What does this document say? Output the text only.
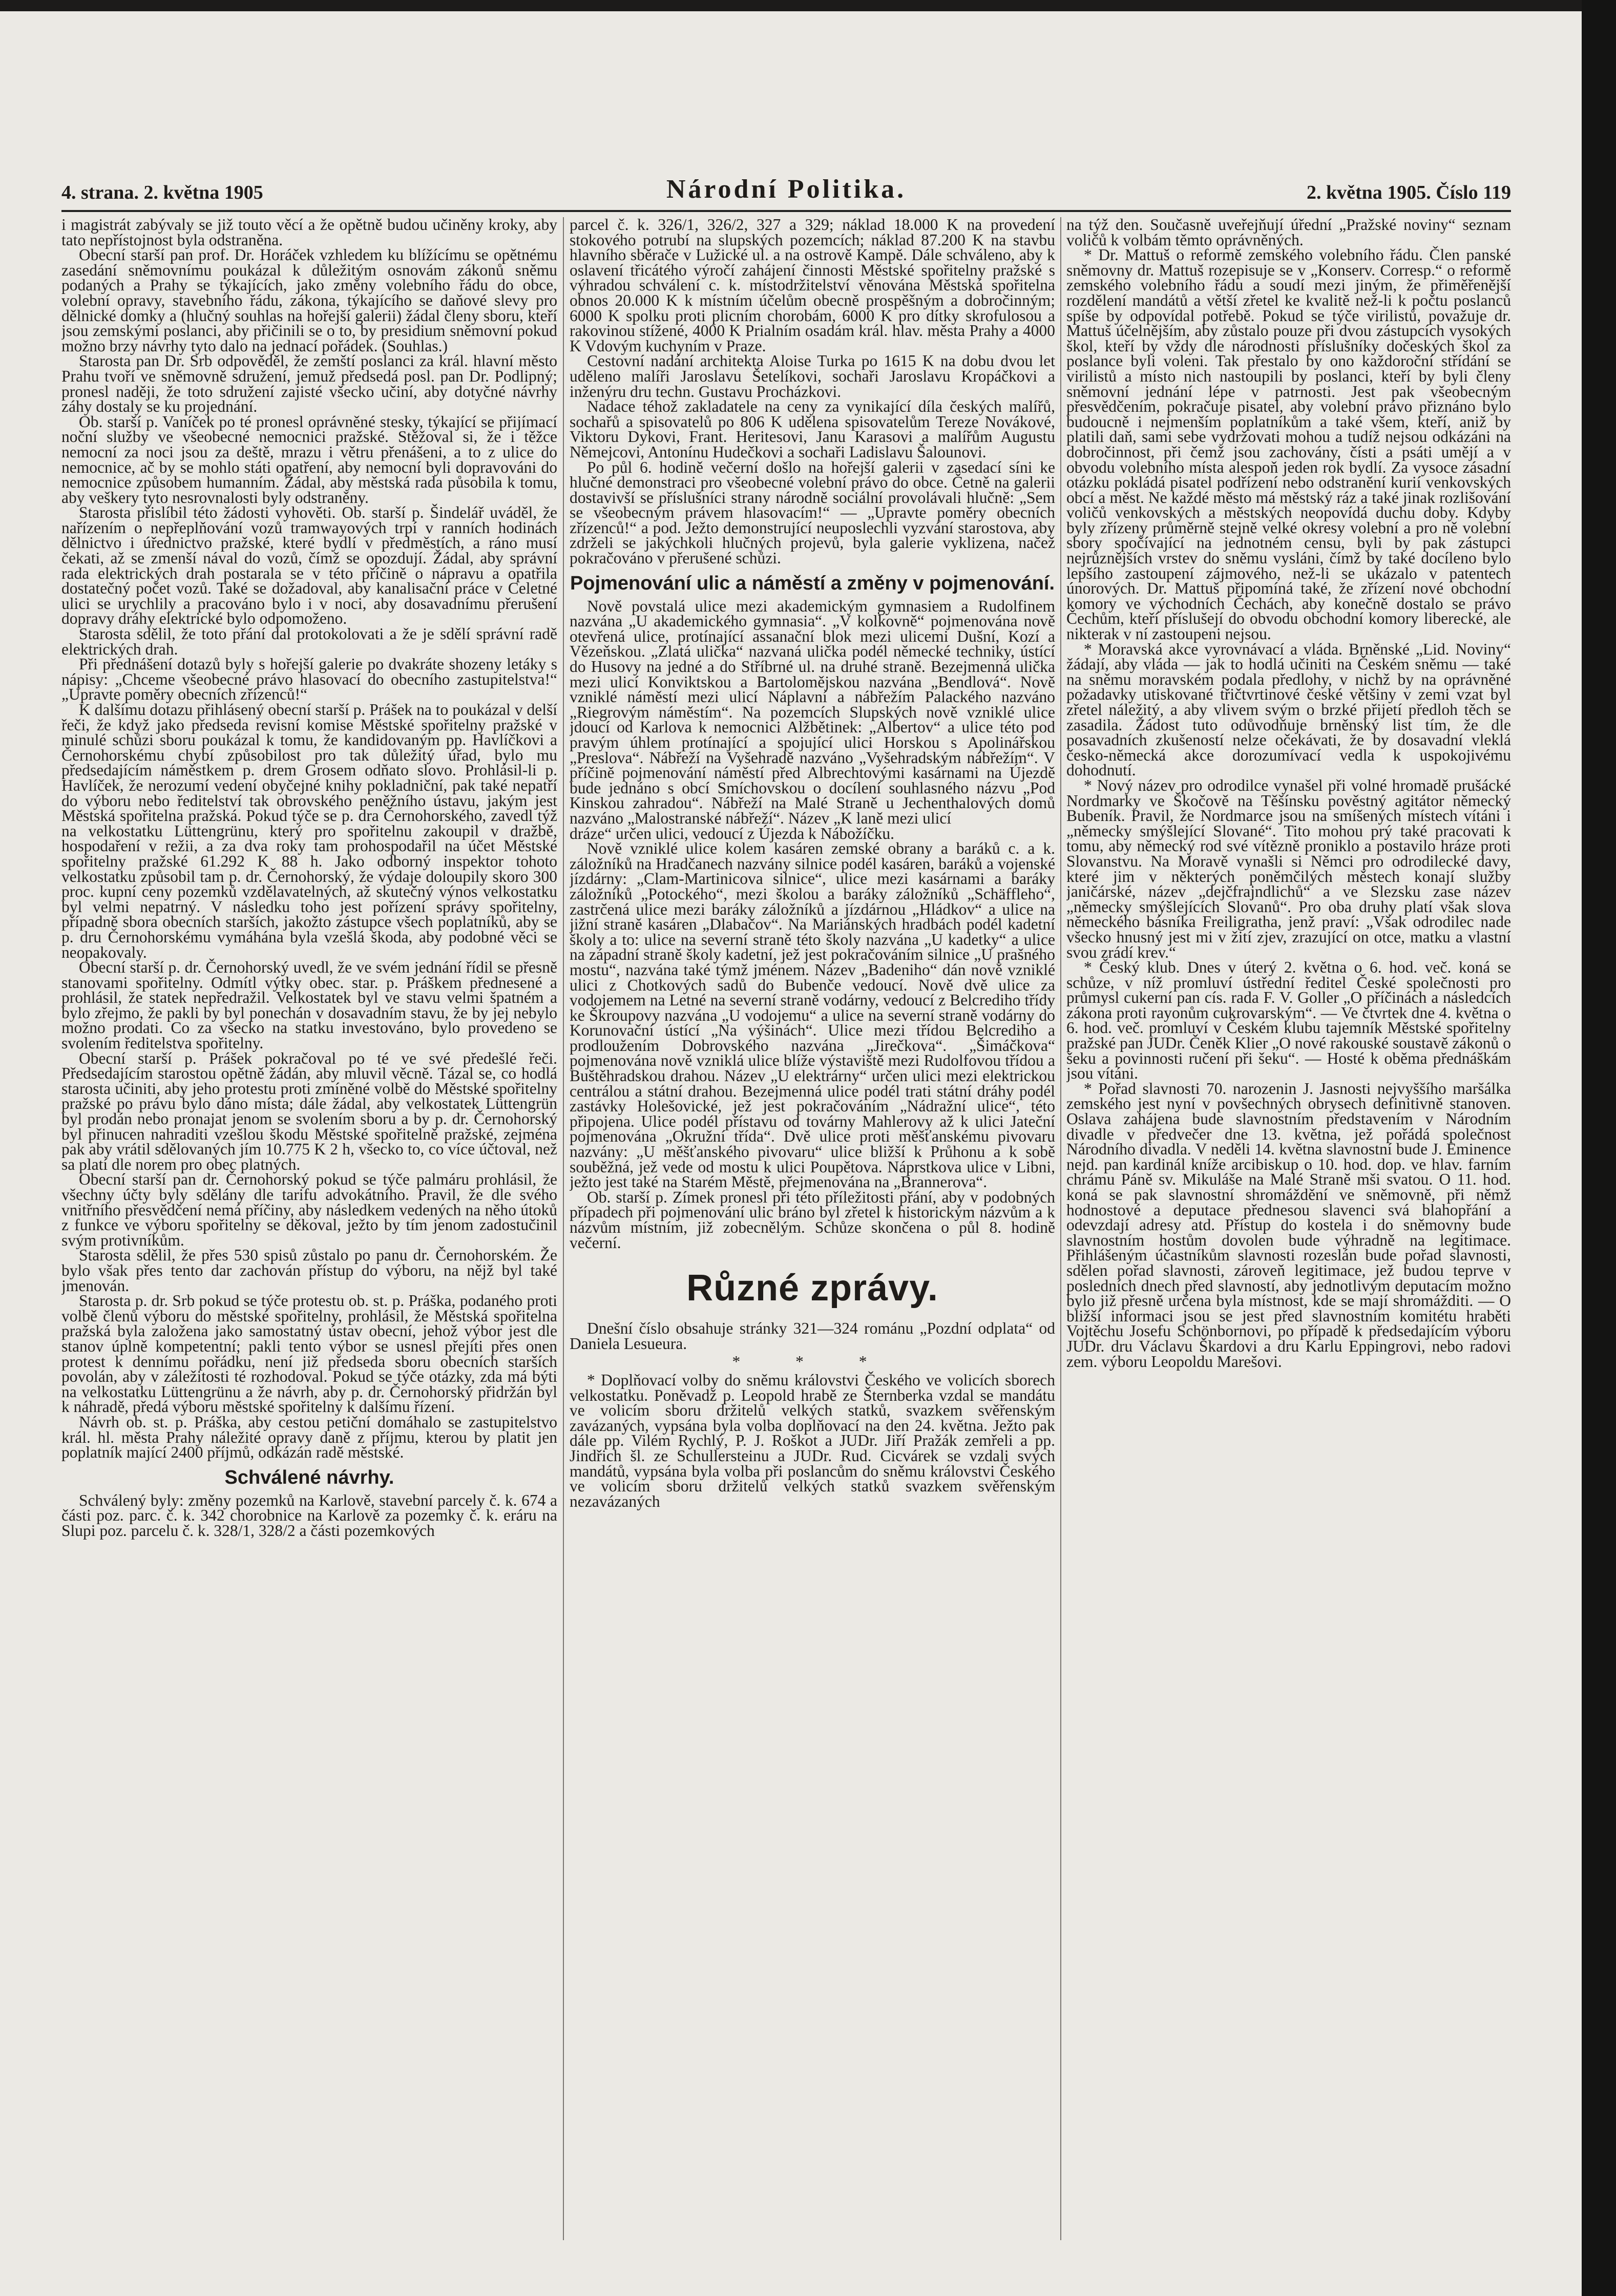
4. strana. 2. května 1905	Národní Politika.	2. května 1905. Číslo 119

i magistrát zabývaly se již touto věcí a že opětně budou učiněny kroky, aby tato nepřístojnost byla odstraněna.

Obecní starší pan prof. Dr. Horáček vzhledem ku blížícímu se opětnému zasedání sněmovnímu poukázal k důležitým osnovám zákonů sněmu podaných a Prahy se týkajících, jako změny volebního řádu do obce, volební opravy, stavebního řádu, zákona, týkajícího se daňové slevy pro dělnické domky a (hlučný souhlas na hořejší galerii) žádal členy sboru, kteří jsou zemskými poslanci, aby přičinili se o to, by presidium sněmovní pokud možno brzy návrhy tyto dalo na jednací pořádek. (Souhlas.)

Starosta pan Dr. Srb odpověděl, že zemští poslanci za král. hlavní město Prahu tvoří ve sněmovně sdružení, jemuž předsedá posl. pan Dr. Podlipný; pronesl naději, že toto sdružení zajisté všecko učiní, aby dotyčné návrhy záhy dostaly se ku projednání.

Ob. starší p. Vaníček po té pronesl oprávněné stesky, týkající se přijímací noční služby ve všeobecné nemocnici pražské. Stěžoval si, že i těžce nemocní za noci jsou za deště, mrazu i větru přenášeni, a to z ulice do nemocnice, ač by se mohlo státi opatření, aby nemocní byli dopravováni do nemocnice způsobem humanním. Žádal, aby městská rada působila k tomu, aby veškery tyto nesrovnalosti byly odstraněny.

Starosta přislíbil této žádosti vyhověti. Ob. starší p. Šindelář uváděl, že nařízením o nepřeplňování vozů tramwayových trpí v ranních hodinách dělnictvo i úřednictvo pražské, které bydlí v předměstích, a ráno musí čekati, až se zmenší nával do vozů, čímž se opozdují. Žádal, aby správní rada elektrických drah postarala se v této příčině o nápravu a opatřila dostatečný počet vozů. Také se dožadoval, aby kanalisační práce v Celetné ulici se urychlily a pracováno bylo i v noci, aby dosavadnímu přerušení dopravy dráhy elektrické bylo odpomoženo.

Starosta sdělil, že toto přání dal protokolovati a že je sdělí správní radě elektrických drah.

Při přednášení dotazů byly s hořejší galerie po dvakráte shozeny letáky s nápisy: „Chceme všeobecné právo hlasovací do obecního zastupitelstva!“ „Upravte poměry obecních zřízenců!“

K dalšímu dotazu přihlásený obecní starší p. Prášek na to poukázal v delší řeči, že když jako předseda revisní komise Městské spořitelny pražské v minulé schůzi sboru poukázal k tomu, že kandidovaným pp. Havlíčkovi a Černohorskému chybí způsobilost pro tak důležitý úřad, bylo mu předsedajícím náměstkem p. drem Grosem odňato slovo. Prohlásil-li p. Havlíček, že nerozumí vedení obyčejné knihy pokladniční, pak také nepatří do výboru nebo ředitelství tak obrovského peněžního ústavu, jakým jest Městská spořitelna pražská. Pokud týče se p. dra Černohorského, zavedl týž na velkostatku Lüttengrünu, který pro spořitelnu zakoupil v dražbě, hospodaření v režii, a za dva roky tam prohospodařil na účet Městské spořitelny pražské 61.292 K 88 h. Jako odborný inspektor tohoto velkostatku způsobil tam p. dr. Černohorský, že výdaje doloupily skoro 300 proc. kupní ceny pozemků vzdělavatelných, až skutečný výnos velkostatku byl velmi nepatrný. V následku toho jest pořízení správy spořitelny, případně sbora obecních starších, jakožto zástupce všech poplatníků, aby se p. dru Černohorskému vymáhána byla vzešlá škoda, aby podobné věci se neopakovaly.

Obecní starší p. dr. Černohorský uvedl, že ve svém jednání řídil se přesně stanovami spořitelny. Odmítl výtky obec. star. p. Práškem přednesené a prohlásil, že statek nepředražil. Velkostatek byl ve stavu velmi špatném a bylo zřejmo, že pakli by byl ponechán v dosavadním stavu, že by jej nebylo možno prodati. Co za všecko na statku investováno, bylo provedeno se svolením ředitelstva spořitelny.

Obecní starší p. Prášek pokračoval po té ve své předešlé řeči. Předsedajícím starostou opětně žádán, aby mluvil věcně. Tázal se, co hodlá starosta učiniti, aby jeho protestu proti zmíněné volbě do Městské spořitelny pražské po právu bylo dáno místa; dále žádal, aby velkostatek Lüttengrün byl prodán nebo pronajat jenom se svolením sboru a by p. dr. Černohorský byl přinucen nahraditi vzešlou škodu Městské spořitelně pražské, zejména pak aby vrátil sdělovaných jím 10.775 K 2 h, všecko to, co více účtoval, než sa platí dle norem pro obec platných.

Obecní starší pan dr. Černohorský pokud se týče palmáru prohlásil, že všechny účty byly sdělány dle tarifu advokátního. Pravil, že dle svého vnitřního přesvědčení nemá příčiny, aby následkem vedených na něho útoků z funkce ve výboru spořitelny se děkoval, ježto by tím jenom zadostučinil svým protivníkům.

Starosta sdělil, že přes 530 spisů zůstalo po panu dr. Černohorském. Že bylo však přes tento dar zachován přístup do výboru, na nějž byl také jmenován.

Starosta p. dr. Srb pokud se týče protestu ob. st. p. Práška, podaného proti volbě členů výboru do městské spořitelny, prohlásil, že Městská spořitelna pražská byla založena jako samostatný ústav obecní, jehož výbor jest dle stanov úplně kompetentní; pakli tento výbor se usnesl přejíti přes onen protest k dennímu pořádku, není již předseda sboru obecních starších povolán, aby v záležitosti té rozhodoval. Pokud se týče otázky, zda má býti na velkostatku Lüttengrünu a že návrh, aby p. dr. Černohorský přidržán byl k náhradě, předá výboru městské spořitelny k dalšímu řízení.

Návrh ob. st. p. Práška, aby cestou petiční domáhalo se zastupitelstvo král. hl. města Prahy náležité opravy daně z příjmu, kterou by platit jen poplatník mající 2400 příjmů, odkázán radě městské.

Schválené návrhy.

Schválený byly: změny pozemků na Karlově, stavební parcely č. k. 674 a části poz. parc. č. k. 342 chorobnice na Karlově za pozemky č. k. eráru na Slupi poz. parcelu č. k. 328/1, 328/2 a části pozemkových

parcel č. k. 326/1, 326/2, 327 a 329; náklad 18.000 K na provedení stokového potrubí na slupských pozemcích; náklad 87.200 K na stavbu hlavního sběrače v Lužické ul. a na ostrově Kampě. Dále schváleno, aby k oslavení třicátého výročí zahájení činnosti Městské spořitelny pražské s výhradou schválení c. k. místodržitelství věnována Městská spořitelna obnos 20.000 K k místním účelům obecně prospěšným a dobročinným; 6000 K spolku proti plicním chorobám, 6000 K pro dítky skrofulosou a rakovinou stížené, 4000 K Prialním osadám král. hlav. města Prahy a 4000 K Vdovým kuchyním v Praze.

Cestovní nadání architekta Aloise Turka po 1615 K na dobu dvou let uděleno malíři Jaroslavu Šetelíkovi, sochaři Jaroslavu Kropáčkovi a inženýru dru techn. Gustavu Procházkovi.

Nadace téhož zakladatele na ceny za vynikající díla českých malířů, sochařů a spisovatelů po 806 K udělena spisovatelům Tereze Novákové, Viktoru Dykovi, Frant. Heritesovi, Janu Karasovi a malířům Augustu Němejcovi, Antonínu Hudečkovi a sochaři Ladislavu Šalounovi.

Po půl 6. hodině večerní došlo na hořejší galerii v zasedací síni ke hlučné demonstraci pro všeobecné volební právo do obce. Četně na galerii dostavivší se příslušníci strany národně sociální provolávali hlučně: „Sem se všeobecným právem hlasovacím!“ — „Upravte poměry obecních zřízenců!“ a pod. Ježto demonstrující neuposlechli vyzvání starostova, aby zdrželi se jakýchkoli hlučných projevů, byla galerie vyklizena, načež pokračováno v přerušené schůzi.

Pojmenování ulic a náměstí a změny v pojmenování.

Nově povstalá ulice mezi akademickým gymnasiem a Rudolfinem nazvána „U akademického gymnasia“. „V kolkovně“ pojmenována nově otevřená ulice, protínající assanační blok mezi ulicemi Dušní, Kozí a Vězeňskou. „Zlatá ulička“ nazvaná ulička podél německé techniky, ústící do Husovy na jedné a do Stříbrné ul. na druhé straně. Bezejmenná ulička mezi ulicí Konviktskou a Bartolomějskou nazvána „Bendlová“. Nově vzniklé náměstí mezi ulicí Náplavní a nábřežím Palackého nazváno „Riegrovým náměstím“. Na pozemcích Slupských nově vzniklé ulice jdoucí od Karlova k nemocnici Alžbětinek: „Albertov“ a ulice této pod pravým úhlem protínající a spojující ulici Horskou s Apolinářskou „Preslova“. Nábřeží na Vyšehradě nazváno „Vyšehradským nábřežím“. V příčině pojmenování náměstí před Albrechtovými kasárnami na Újezdě bude jednáno s obcí Smíchovskou o docílení souhlasného názvu „Pod Kinskou zahradou“. Nábřeží na Malé Straně u Jechenthalových domů nazváno „Malostranské nábřeží“. Název „K laně mezi ulicí

dráze“ určen ulici, vedoucí z Újezda k Nábožíčku.

Nově vzniklé ulice kolem kasáren zemské obrany a baráků c. a k. záložníků na Hradčanech nazvány silnice podél kasáren, baráků a vojenské jízdárny: „Clam-Martinicova silnice“, ulice mezi kasárnami a baráky záložníků „Potockého“, mezi školou a baráky záložníků „Schäffleho“, zastrčená ulice mezi baráky záložníků a jízdárnou „Hládkov“ a ulice na jižní straně kasáren „Dlabačov“. Na Mariánských hradbách podél kadetní školy a to: ulice na severní straně této školy nazvána „U kadetky“ a ulice na západní straně školy kadetní, jež jest pokračováním silnice „U prašného mostu“, nazvána také týmž jménem. Název „Badeniho“ dán nově vzniklé ulici z Chotkových sadů do Bubenče vedoucí. Nově dvě ulice za vodojemem na Letné na severní straně vodárny, vedoucí z Belcrediho třídy ke Škroupovy nazvána „U vodojemu“ a ulice na severní straně vodárny do Korunovační ústící „Na výšinách“. Ulice mezi třídou Belcrediho a prodloužením Dobrovského nazvána „Jirečkova“. „Šimáčkova“ pojmenována nově vzniklá ulice blíže výstaviště mezi Rudolfovou třídou a Buštěhradskou drahou. Název „U elektrárny“ určen ulici mezi elektrickou centrálou a státní drahou. Bezejmenná ulice podél trati státní dráhy podél zastávky Holešovické, jež jest pokračováním „Nádražní ulice“, této připojena. Ulice podél přístavu od továrny Mahlerovy až k ulici Jateční pojmenována „Okružní třída“. Dvě ulice proti měšťanskému pivovaru nazvány: „U měšťanského pivovaru“ ulice bližší k Průhonu a k sobě souběžná, jež vede od mostu k ulici Poupětova. Náprstkova ulice v Libni, ježto jest také na Starém Městě, přejmenována na „Brannerova“.

Ob. starší p. Zímek pronesl při této příležitosti přání, aby v podobných případech při pojmenování ulic bráno byl zřetel k historickým názvům a k názvům místním, již zobecnělým. Schůze skončena o půl 8. hodině večerní.

Různé zprávy.

Dnešní číslo obsahuje stránky 321—324 románu „Pozdní odplata“ od Daniela Lesueura.

* * *

* Doplňovací volby do sněmu královstvi Českého ve volicích sborech velkostatku. Poněvadž p. Leopold hrabě ze Šternberka vzdal se mandátu ve volicím sboru držitelů velkých statků, svazkem svěřenským zavázaných, vypsána byla volba doplňovací na den 24. května. Ježto pak dále pp. Vilém Rychlý, P. J. Roškot a JUDr. Jiří Pražák zemřeli a pp. Jindřich šl. ze Schullersteinu a JUDr. Rud. Cicvárek se vzdali svých mandátů, vypsána byla volba při poslancům do sněmu královstvi Českého ve volicím sboru držitelů velkých statků svazkem svěřenským nezavázaných

na týž den. Současně uveřejňují úřední „Pražské noviny“ seznam voličů k volbám těmto oprávněných.

* Dr. Mattuš o reformě zemského volebního řádu. Člen panské sněmovny dr. Mattuš rozepisuje se v „Konserv. Corresp.“ o reformě zemského volebního řádu a soudí mezi jiným, že přiměřenější rozdělení mandátů a větší zřetel ke kvalitě než-li k počtu poslanců spíše by odpovídal potřebě. Pokud se týče virilistů, považuje dr. Mattuš účelnějším, aby zůstalo pouze při dvou zástupcích vysokých škol, kteří by vždy dle národnosti příslušníky dočeských škol za poslance byli voleni. Tak přestalo by ono každoroční střídání se virilistů a místo nich nastoupili by poslanci, kteří by byli členy sněmovní jednání lépe v patrnosti. Jest pak všeobecným přesvědčením, pokračuje pisatel, aby volební právo přiznáno bylo budoucně i nejmenším poplatníkům a také všem, kteří, aniž by platili daň, sami sebe vydržovati mohou a tudíž nejsou odkázáni na dobročinnost, při čemž jsou zachovány, čísti a psáti umějí a v obvodu volebního místa alespoň jeden rok bydlí. Za vysoce zásadní otázku pokládá pisatel podřízení nebo odstranění kurií venkovských obcí a měst. Ne každé město má městský ráz a také jinak rozlišování voličů venkovských a městských neopovídá duchu doby. Kdyby byly zřízeny průměrně stejně velké okresy volební a pro ně volební sbory spočívající na jednotném censu, byli by pak zástupci nejrůznějších vrstev do sněmu vysláni, čímž by také docíleno bylo lepšího zastoupení zájmového, než-li se ukázalo v patentech únorových. Dr. Mattuš připomíná také, že zřízení nové obchodní komory ve východních Čechách, aby konečně dostalo se právo Čechům, kteří příslušejí do obvodu obchodní komory liberecké, ale nikterak v ní zastoupeni nejsou.

* Moravská akce vyrovnávací a vláda. Brněnské „Lid. Noviny“ žádají, aby vláda — jak to hodlá učiniti na Českém sněmu — také na sněmu moravském podala předlohy, v nichž by na oprávněné požadavky utiskované třičtvrtinové české většiny v zemi vzat byl zřetel náležitý, a aby vlivem svým o brzké přijetí předloh těch se zasadila. Žádost tuto odůvodňuje brněnský list tím, že dle posavadních zkušeností nelze očekávati, že by dosavadní vleklá česko-německá akce dorozumívací vedla k uspokojivému dohodnutí.

* Nový název pro odrodilce vynašel při volné hromadě prušácké Nordmarky ve Škočově na Těšínsku pověstný agitátor německý Bubeník. Pravil, že Nordmarce jsou na smíšených místech vítáni i „německy smýšlející Slované“. Tito mohou prý také pracovati k tomu, aby německý rod své vítězně proniklo a postavilo hráze proti Slovanstvu. Na Moravě vynašli si Němci pro odrodilecké davy, které jim v některých poněmčilých městech konají služby janičárské, název „dejčfrajndlichů“ a ve Slezsku zase název „německy smýšlejících Slovanů“. Pro oba druhy platí však slova německého básníka Freiligratha, jenž praví: „Však odrodilec nade všecko hnusný jest mi v žití zjev, zrazující on otce, matku a vlastní svou zrádí krev.“

* Český klub. Dnes v úterý 2. května o 6. hod. več. koná se schůze, v níž promluví ústřední ředitel České společnosti pro průmysl cukerní pan cís. rada F. V. Goller „O příčinách a následcích zákona proti rayonům cukrovarským“. — Ve čtvrtek dne 4. května o 6. hod. več. promluví v Českém klubu tajemník Městské spořitelny pražské pan JUDr. Čeněk Klier „O nové rakouské soustavě zákonů o šeku a povinnosti ručení při šeku“. — Hosté k oběma přednáškám jsou vítáni.

* Pořad slavnosti 70. narozenin J. Jasnosti nejvyššího maršálka zemského jest nyní v povšechných obrysech definitivně stanoven. Oslava zahájena bude slavnostním představením v Národním divadle v předvečer dne 13. května, jež pořádá společnost Národního divadla. V neděli 14. května slavnostní bude J. Eminence nejd. pan kardinál kníže arcibiskup o 10. hod. dop. ve hlav. farním chrámu Páně sv. Mikuláše na Malé Straně mši svatou. O 11. hod. koná se pak slavnostní shromáždění ve sněmovně, při němž hodnostové a deputace přednesou slavenci svá blahopřání a odevzdají adresy atd. Přístup do kostela i do sněmovny bude slavnostním hostům dovolen bude výhradně na legitimace. Přihlášeným účastníkům slavnosti rozeslán bude pořad slavnosti, sdělen pořad slavnosti, zároveň legitimace, jež budou teprve v posledních dnech před slavností, aby jednotlivým deputacím možno bylo již přesně určena byla místnost, kde se mají shromážditi. — O bližší informaci jsou se jest před slavnostním komitétu hraběti Vojtěchu Josefu Schönbornovi, po případě k předsedajícím výboru JUDr. dru Václavu Škardovi a dru Karlu Eppingrovi, nebo radovi zem. výboru Leopoldu Marešovi.
